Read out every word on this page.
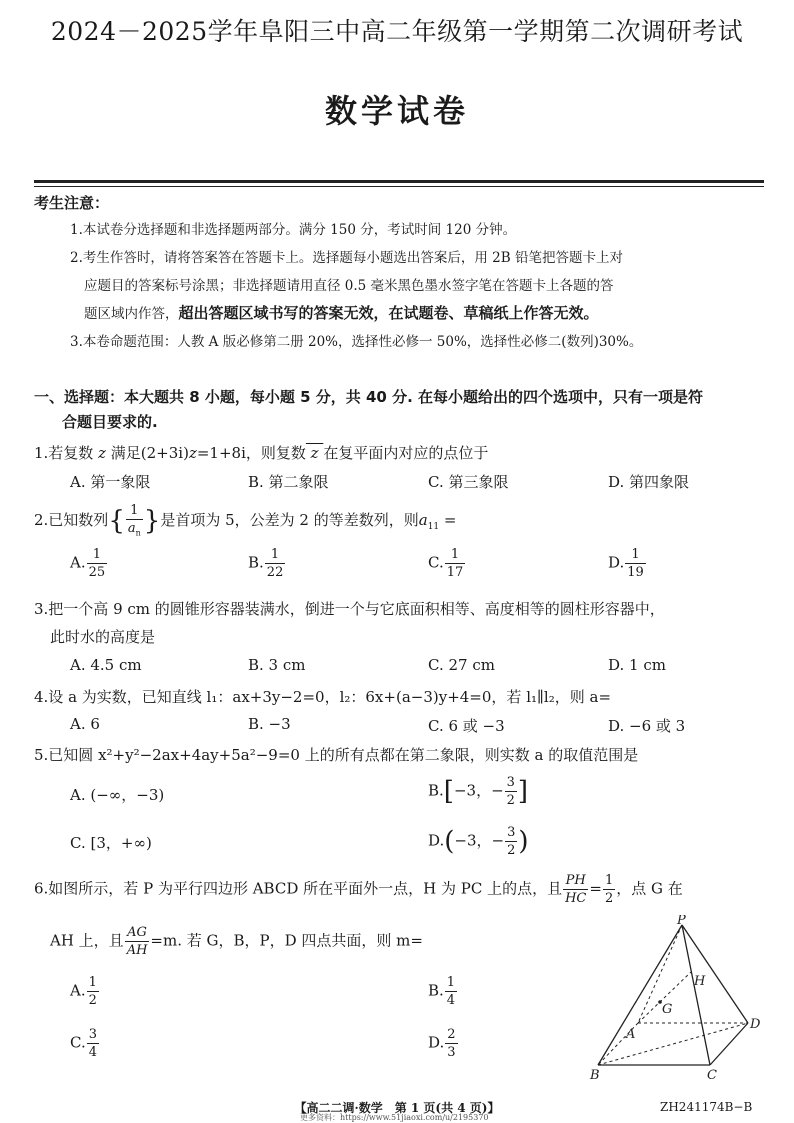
2024－2025学年阜阳三中高二年级第一学期第二次调研考试
数学试卷
考生注意：
1.本试卷分选择题和非选择题两部分。满分 150 分，考试时间 120 分钟。
2.考生作答时，请将答案答在答题卡上。选择题每小题选出答案后，用 2B 铅笔把答题卡上对
应题目的答案标号涂黑；非选择题请用直径 0.5 毫米黑色墨水签字笔在答题卡上各题的答
题区域内作答，超出答题区域书写的答案无效，在试题卷、草稿纸上作答无效。
3.本卷命题范围：人教 A 版必修第二册 20%，选择性必修一 50%，选择性必修二(数列)30%。
一、选择题：本大题共 8 小题，每小题 5 分，共 40 分. 在每小题给出的四个选项中，只有一项是符
合题目要求的.
1.若复数 z 满足(2+3i)z=1+8i，则复数 z 在复平面内对应的点位于
A. 第一象限	B. 第二象限	C. 第三象限	D. 第四象限
2.已知数列{ $\frac{1}{a_n}$ }是首项为 5，公差为 2 的等差数列，则$a_{11}$ =
A. $\frac{1}{25}$	B. $\frac{1}{22}$	C. $\frac{1}{17}$	D. $\frac{1}{19}$
3.把一个高 9 cm 的圆锥形容器装满水，倒进一个与它底面积相等、高度相等的圆柱形容器中，
此时水的高度是
A. 4.5 cm	B. 3 cm	C. 27 cm	D. 1 cm
4.设 a 为实数，已知直线 l₁：ax+3y−2=0，l₂：6x+(a−3)y+4=0，若 l₁∥l₂，则 a=
A. 6	B. −3	C. 6 或 −3	D. −6 或 3
5.已知圆 x²+y²−2ax+4ay+5a²−9=0 上的所有点都在第二象限，则实数 a 的取值范围是
A. (−∞，−3)	B.[−3，− $\frac{3}{2}$ ]
C. [3，+∞)	D.(−3，− $\frac{3}{2}$ )
6.如图所示，若 P 为平行四边形 ABCD 所在平面外一点，H 为 PC 上的点，且 $\frac{PH}{HC} = \frac{1}{2}$ ，点 G 在
AH 上，且 $\frac{AG}{AH} =m$. 若 G，B，P，D 四点共面，则 m=
A. $\frac{1}{2}$	B. $\frac{1}{4}$
C. $\frac{3}{4}$	D. $\frac{2}{3}$
P
H
G
A
D
B	C
【高二二调·数学　第 1 页(共 4 页)】	ZH241174B−B
更多资料：https://www.51jiaoxi.com/u/2195370
